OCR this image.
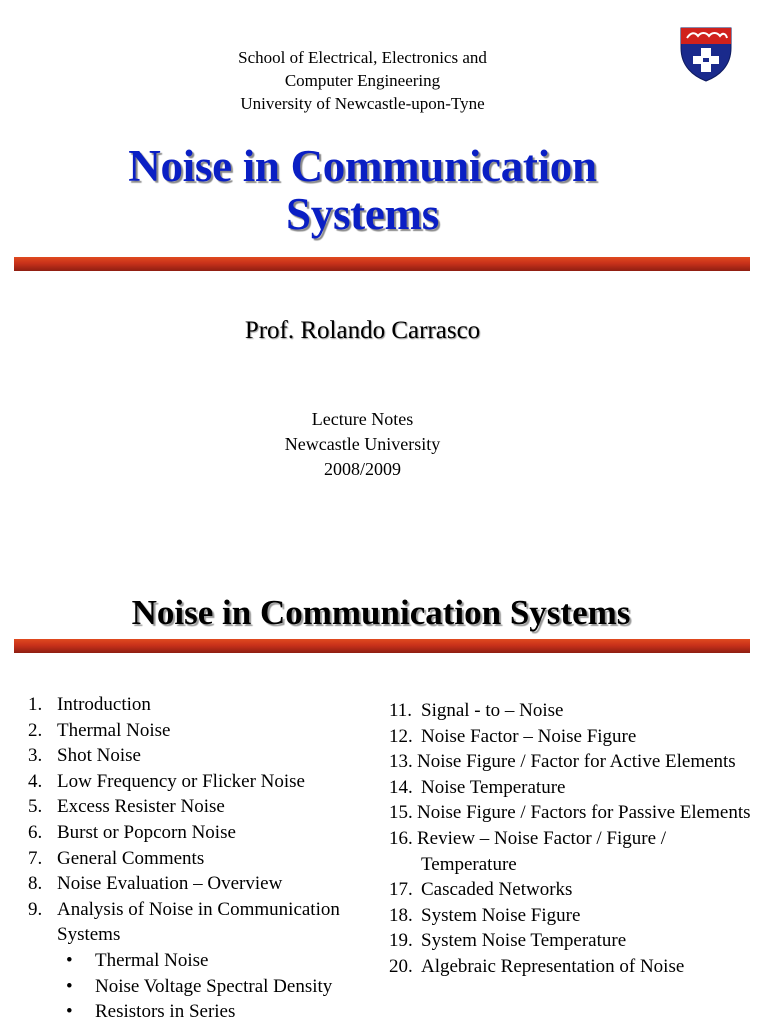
School of Electrical, Electronics and
Computer Engineering
University of Newcastle-upon-Tyne
Noise in Communication
Systems
Prof. Rolando Carrasco
Lecture Notes
Newcastle University
2008/2009
Noise in Communication Systems
1. Introduction
2. Thermal Noise
3. Shot Noise
4. Low Frequency or Flicker Noise
5. Excess Resister Noise
6. Burst or Popcorn Noise
7. General Comments
8. Noise Evaluation – Overview
9. Analysis of Noise in Communication Systems
• Thermal Noise
• Noise Voltage Spectral Density
• Resistors in Series
11. Signal - to – Noise
12. Noise Factor – Noise Figure
13. Noise Figure / Factor for Active Elements
14. Noise Temperature
15. Noise Figure / Factors for Passive Elements
16. Review – Noise Factor / Figure / Temperature
17. Cascaded Networks
18. System Noise Figure
19. System Noise Temperature
20. Algebraic Representation of Noise
